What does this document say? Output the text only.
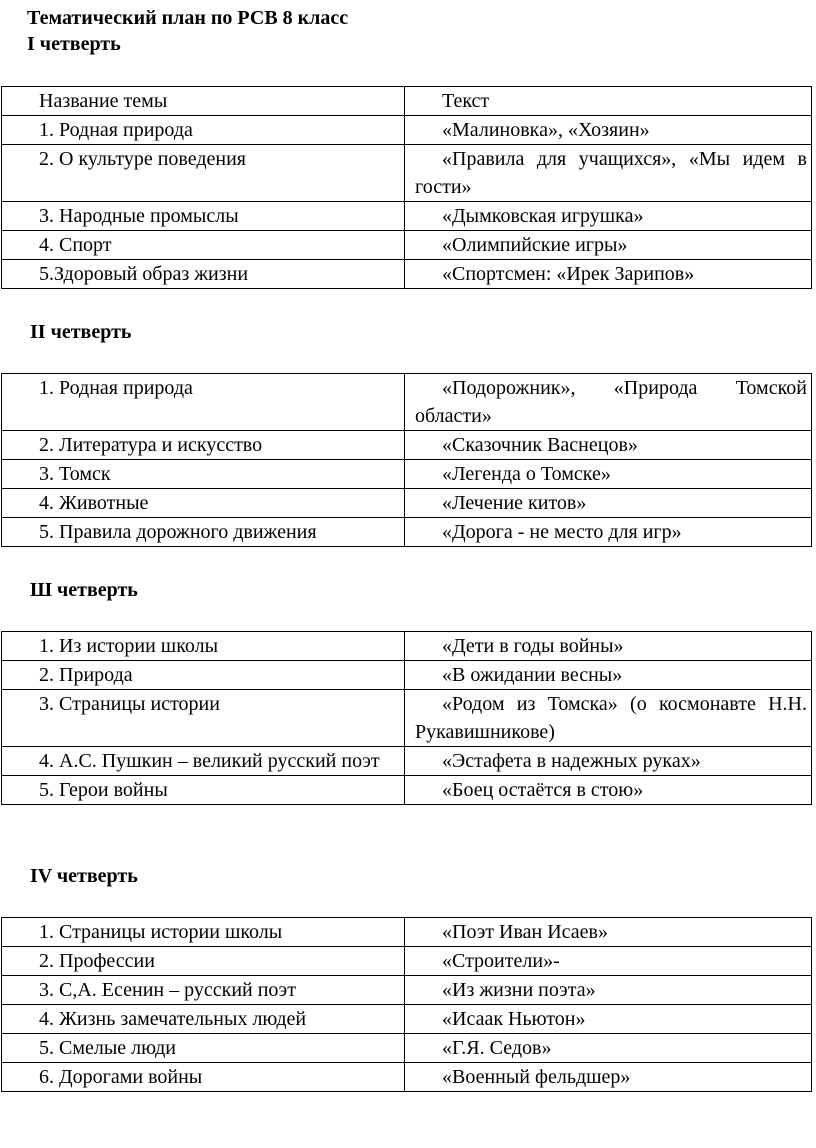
Тематический план по РСВ 8 класс
I четверть
Название темы	Текст

1. Родная природа	«Малиновка», «Хозяин»

2. О культуре поведения	«Правила для учащихся», «Мы идем в гости»

3. Народные промыслы	«Дымковская игрушка»

4. Спорт	«Олимпийские игры»

5.Здоровый образ жизни	«Спортсмен: «Ирек Зарипов»
II четверть
1. Родная природа	«Подорожник», «Природа Томской области»

2. Литература и искусство	«Сказочник Васнецов»

3. Томск	«Легенда о Томске»

4. Животные	«Лечение китов»

5. Правила дорожного движения	«Дорога - не место для игр»
Ш четверть
1. Из истории школы	«Дети в годы войны»

2. Природа	«В ожидании весны»

3. Страницы истории	«Родом из Томска» (о космонавте Н.Н. Рукавишникове)

4. А.С. Пушкин – великий русский поэт	«Эстафета в надежных руках»

5. Герои войны	«Боец остаётся в стою»
IV четверть
1. Страницы истории школы	«Поэт Иван Исаев»

2. Профессии	«Строители»-

3. С,А. Есенин – русский поэт	«Из жизни поэта»

4. Жизнь замечательных людей	«Исаак Ньютон»

5. Смелые люди	«Г.Я. Седов»

6. Дорогами войны	«Военный фельдшер»
